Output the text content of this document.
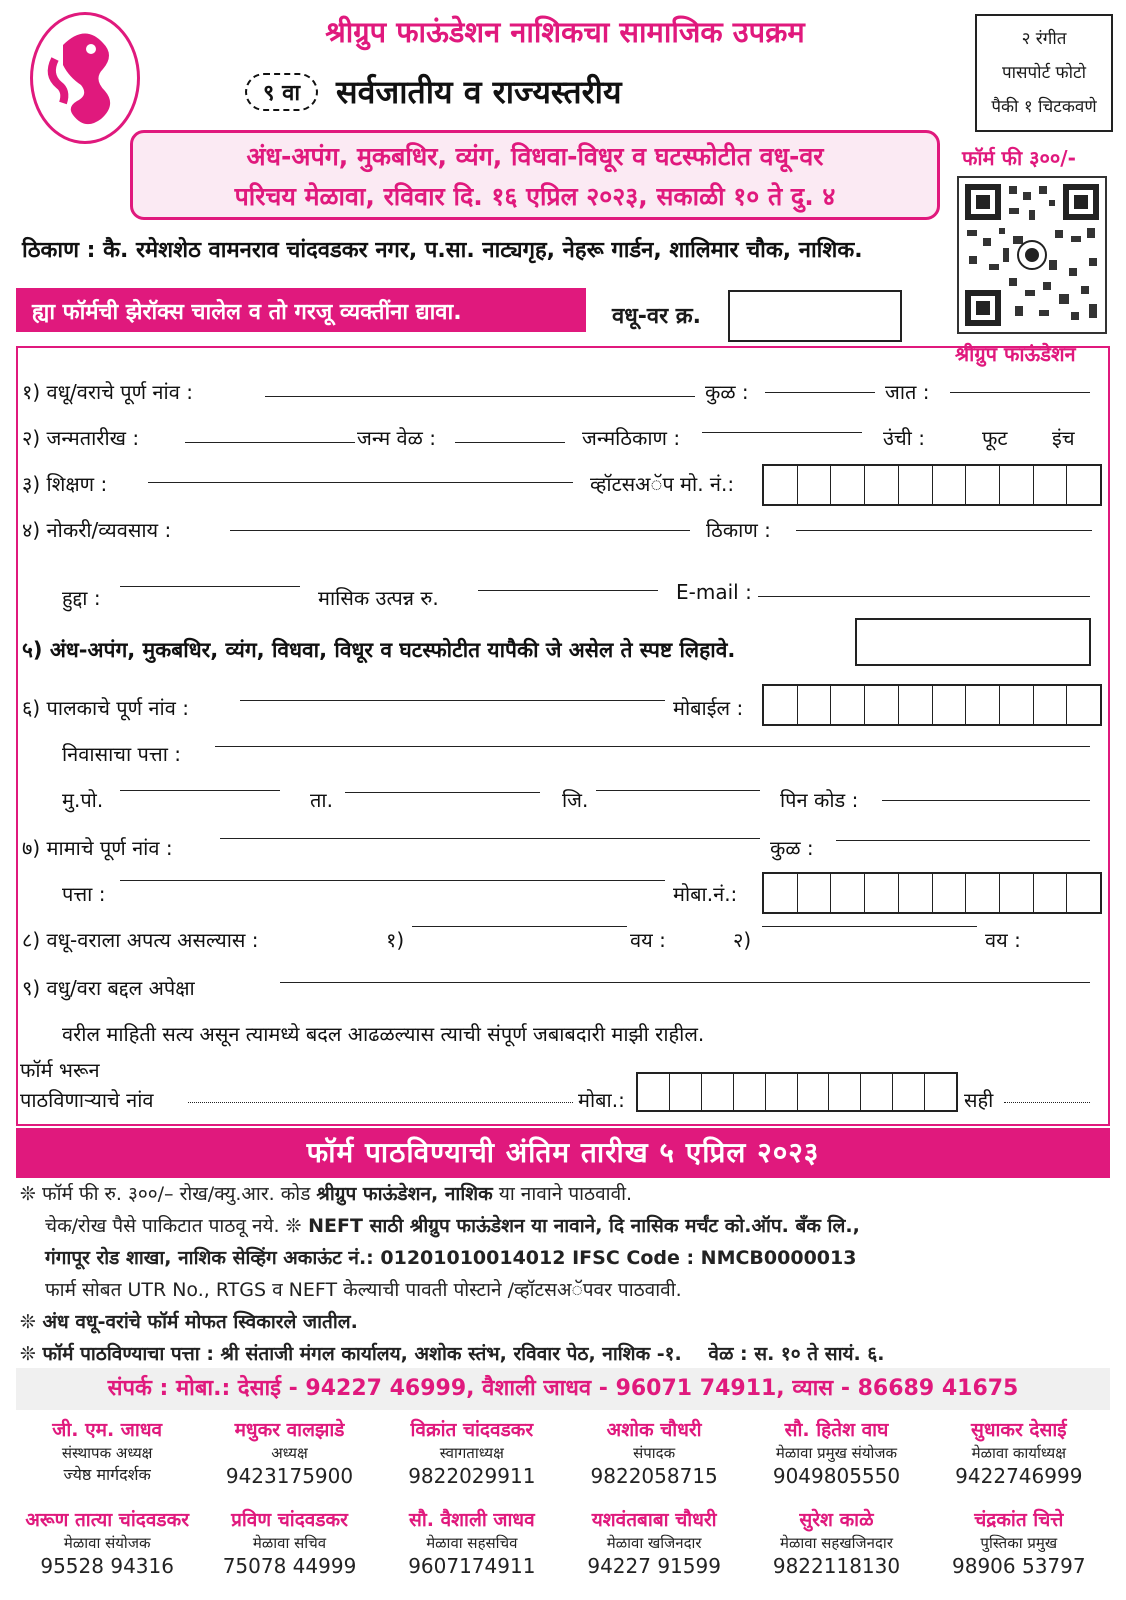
श्रीग्रुप फाऊंडेशन नाशिकचा सामाजिक उपक्रम
९ वा	सर्वजातीय व राज्यस्तरीय
२ रंगीत
पासपोर्ट फोटो
पैकी १ चिटकवणे
अंध-अपंग, मुकबधिर, व्यंग, विधवा-विधूर व घटस्फोटीत वधू-वर
परिचय मेळावा, रविवार दि. १६ एप्रिल २०२३, सकाळी १० ते दु. ४
फॉर्म फी ३००/-
श्रीग्रुप फाऊंडेशन
ठिकाण : कै. रमेशशेठ वामनराव चांदवडकर नगर, प.सा. नाट्यगृह, नेहरू गार्डन, शालिमार चौक, नाशिक.
ह्या फॉर्मची झेरॉक्स चालेल व तो गरजू व्यक्तींना द्यावा.	वधू-वर क्र.
१) वधू/वराचे पूर्ण नांव :	कुळ :	जात :
२) जन्मतारीख :	जन्म वेळ :	जन्मठिकाण :	उंची :	फूट इंच
३) शिक्षण :	व्हॉटसअॅप मो. नं.:
४) नोकरी/व्यवसाय :	ठिकाण :
हुद्दा :	मासिक उत्पन्न रु.	E-mail :
५) अंध-अपंग, मुकबधिर, व्यंग, विधवा, विधूर व घटस्फोटीत यापैकी जे असेल ते स्पष्ट लिहावे.
६) पालकाचे पूर्ण नांव :	मोबाईल :
निवासाचा पत्ता :
मु.पो.	ता.	जि.	पिन कोड :
७) मामाचे पूर्ण नांव :	कुळ :
पत्ता :	मोबा.नं.:
८) वधू-वराला अपत्य असल्यास :	१)	वय :	२)	वय :
९) वधु/वरा बद्दल अपेक्षा
वरील माहिती सत्य असून त्यामध्ये बदल आढळल्यास त्याची संपूर्ण जबाबदारी माझी राहील.
फॉर्म भरून
पाठविणाऱ्याचे नांव	मोबा.:	सही
फॉर्म पाठविण्याची अंतिम तारीख ५ एप्रिल २०२३
❊ फॉर्म फी रु. ३००/– रोख/क्यु.आर. कोड श्रीग्रुप फाऊंडेशन, नाशिक या नावाने पाठवावी.
चेक/रोख पैसे पाकिटात पाठवू नये. ❊ NEFT साठी श्रीग्रुप फाऊंडेशन या नावाने, दि नासिक मर्चंट को.ऑप. बँक लि.,
गंगापूर रोड शाखा, नाशिक सेव्हिंग अकाऊंट नं.: 01201010014012 IFSC Code : NMCB0000013
फार्म सोबत UTR No., RTGS व NEFT केल्याची पावती पोस्टाने /व्हॉटसअॅपवर पाठवावी.
❊ अंध वधू-वरांचे फॉर्म मोफत स्विकारले जातील.
❊ फॉर्म पाठविण्याचा पत्ता : श्री संताजी मंगल कार्यालय, अशोक स्तंभ, रविवार पेठ, नाशिक -१. वेळ : स. १० ते सायं. ६.
संपर्क : मोबा.: देसाई - 94227 46999, वैशाली जाधव - 96071 74911, व्यास - 86689 41675
जी. एम. जाधव
संस्थापक अध्यक्ष
ज्येष्ठ मार्गदर्शक
मधुकर वालझाडे
अध्यक्ष
9423175900
विक्रांत चांदवडकर
स्वागताध्यक्ष
9822029911
अशोक चौधरी
संपादक
9822058715
सौ. हितेश वाघ
मेळावा प्रमुख संयोजक
9049805550
सुधाकर देसाई
मेळावा कार्याध्यक्ष
9422746999
अरूण तात्या चांदवडकर
मेळावा संयोजक
95528 94316
प्रविण चांदवडकर
मेळावा सचिव
75078 44999
सौ. वैशाली जाधव
मेळावा सहसचिव
9607174911
यशवंतबाबा चौधरी
मेळावा खजिनदार
94227 91599
सुरेश काळे
मेळावा सहखजिनदार
9822118130
चंद्रकांत चित्ते
पुस्तिका प्रमुख
98906 53797
